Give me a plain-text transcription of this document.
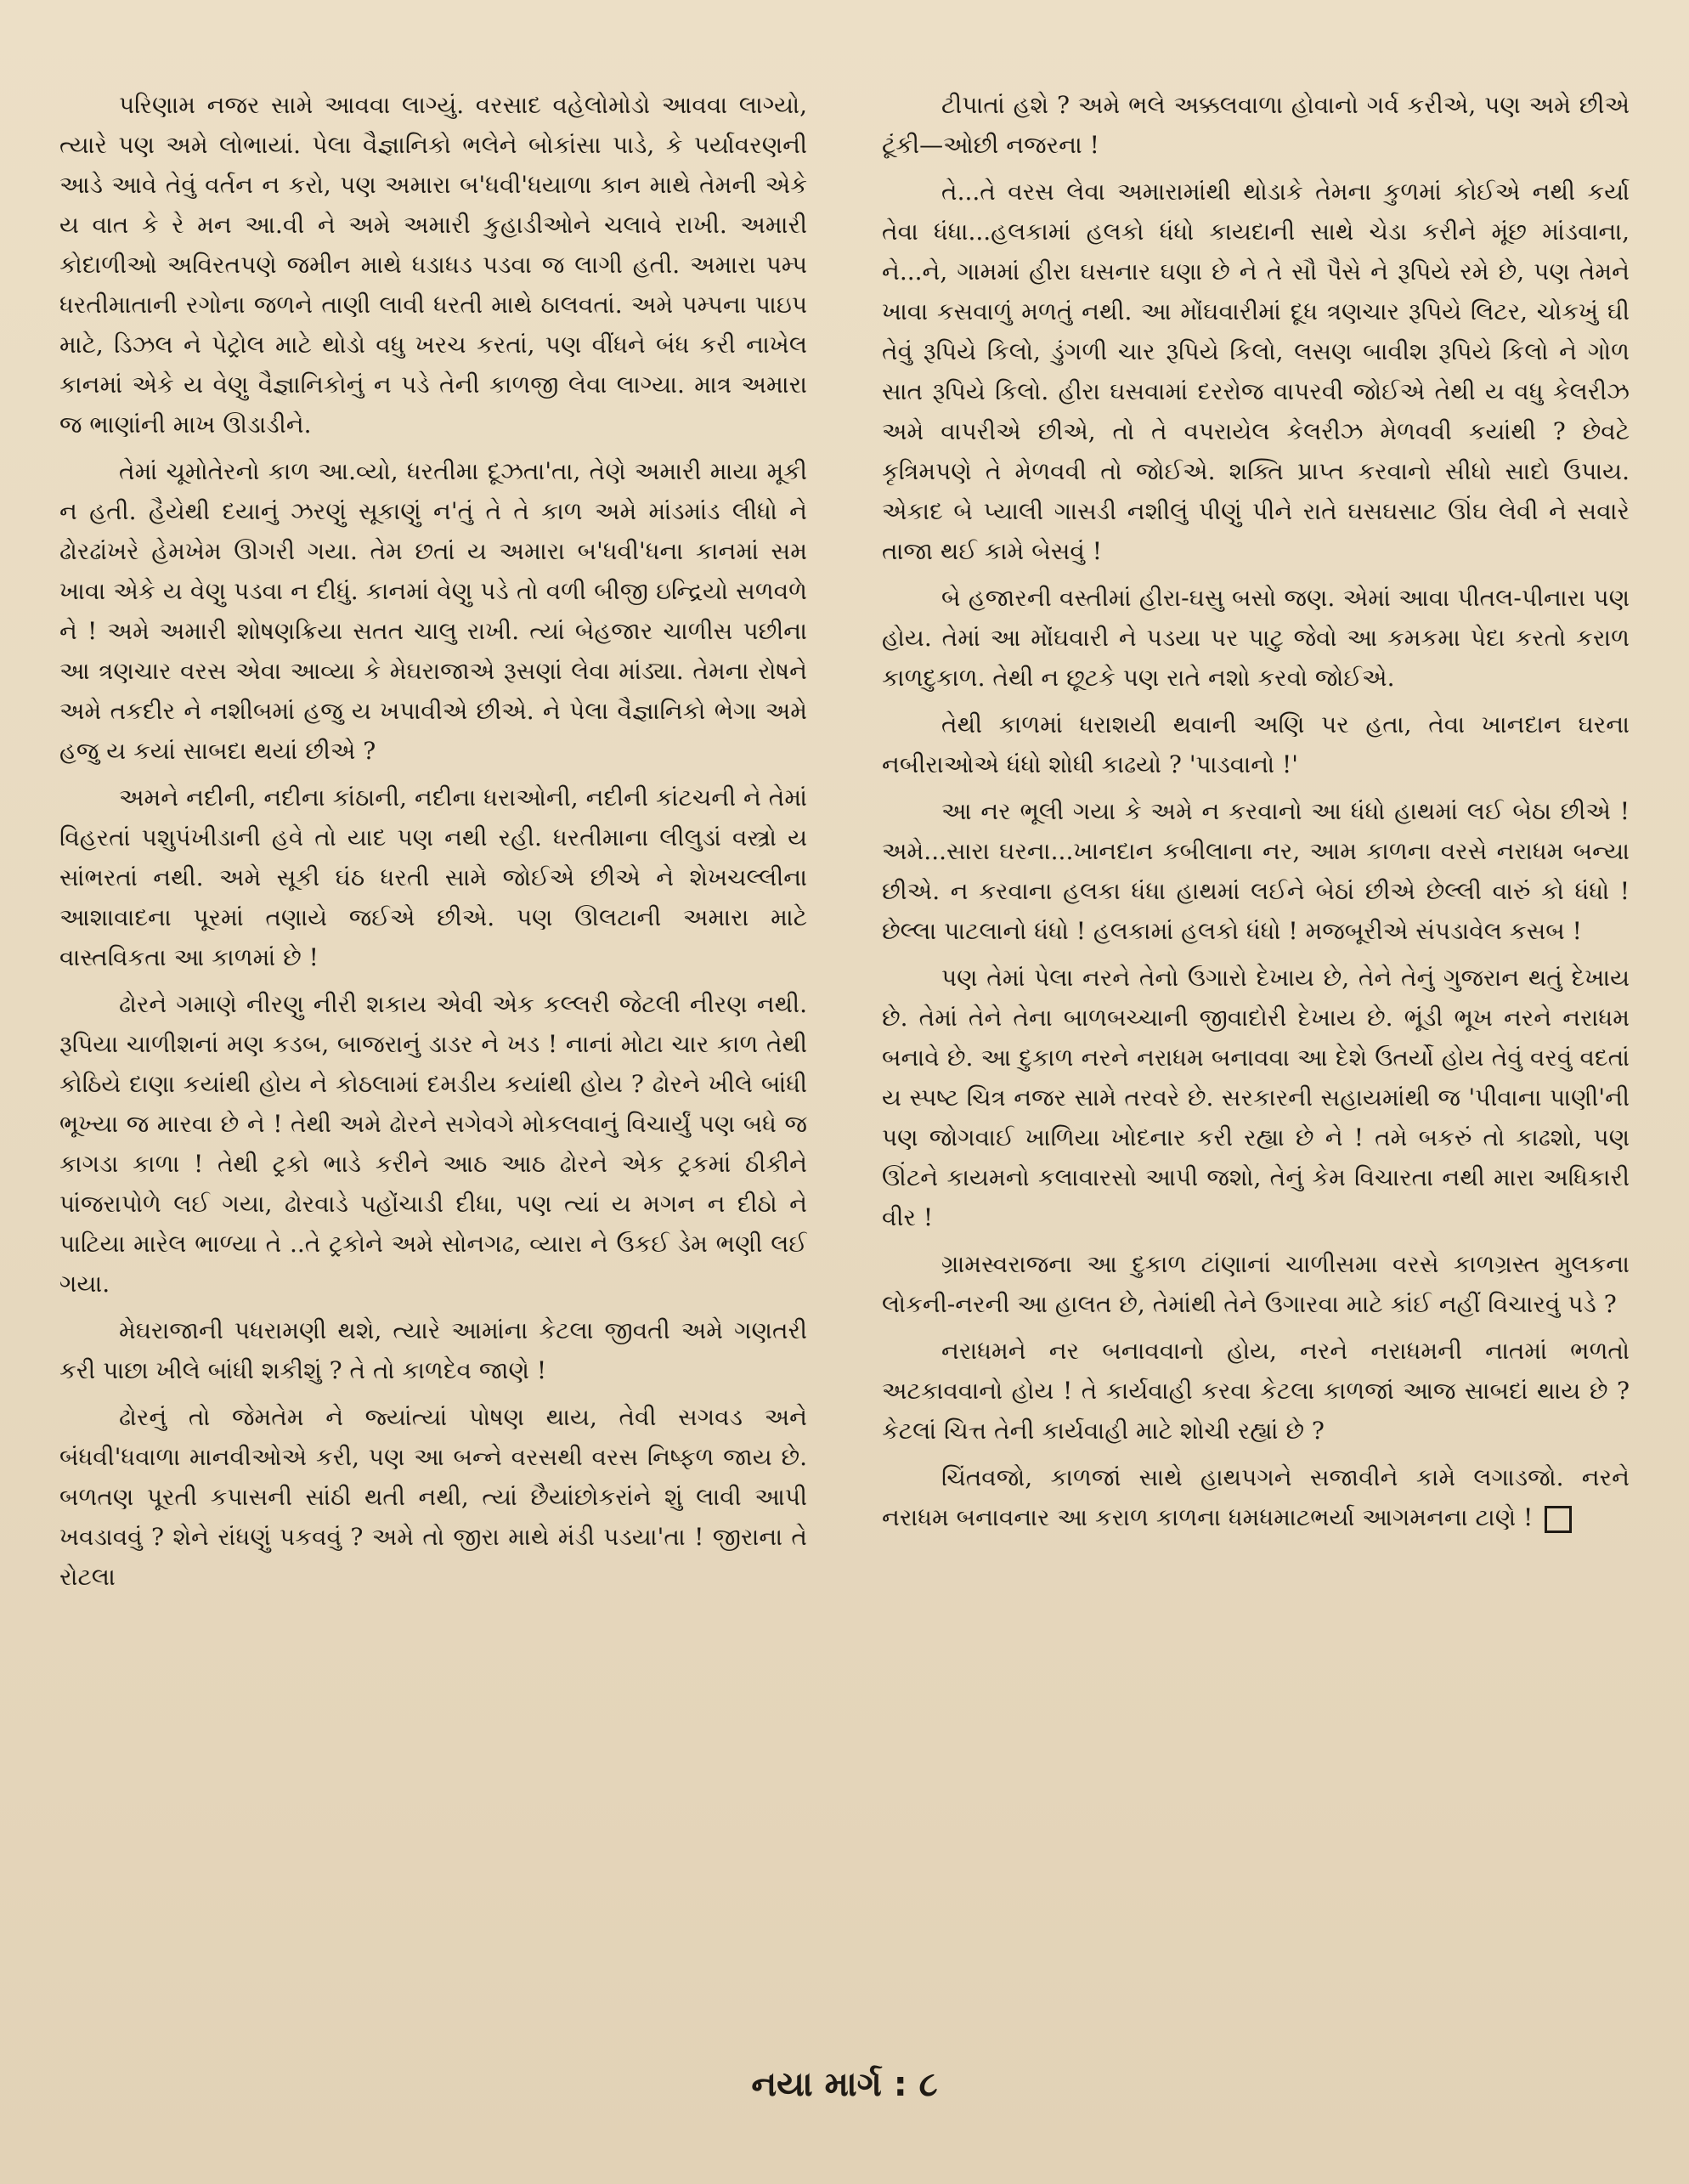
પરિણામ નજર સામે આવવા લાગ્યું. વરસાદ વહેલોમોડો આવવા લાગ્યો, ત્યારે પણ અમે લોભાયાં. પેલા વૈજ્ઞાનિકો ભલેને બોકાંસા પાડે, કે પર્યાવરણની આડે આવે તેવું વર્તન ન કરો, પણ અમારા બ'ધવી'ધયાળા કાન માથે તેમની એકે ય વાત કે રે મન આ.વી ને અમે અમારી કુહાડીઓને ચલાવે રાખી. અમારી કોદાળીઓ અવિરતપણે જમીન માથે ધડાધડ પડવા જ લાગી હતી. અમારા પમ્પ ધરતીમાતાની રગોના જળને તાણી લાવી ધરતી માથે ઠાલવતાં. અમે પમ્પના પાઇપ માટે, ડિઝલ ને પેટ્રોલ માટે થોડો વધુ ખરચ કરતાં, પણ વીંધને બંધ કરી નાખેલ કાનમાં એકે ય વેણુ વૈજ્ઞાનિકોનું ન પડે તેની કાળજી લેવા લાગ્યા. માત્ર અમારા જ ભાણાંની માખ ઊડાડીને.

તેમાં ચૂમોતેરનો કાળ આ.વ્યો, ધરતીમા દૂઝતા'તા, તેણે અમારી માયા મૂકી ન હતી. હૈયેથી દયાનું ઝરણું સૂકાણું ન'તું તે તે કાળ અમે માંડમાંડ લીધો ને ઢોરઢાંખરે હેમખેમ ઊગરી ગયા. તેમ છતાં ય અમારા બ'ધવી'ધના કાનમાં સમ ખાવા એકે ય વેણુ પડવા ન દીધું. કાનમાં વેણુ પડે તો વળી બીજી ઇન્દ્રિયો સળવળે ને ! અમે અમારી શોષણક્રિયા સતત ચાલુ રાખી. ત્યાં બેહજાર ચાળીસ પછીના આ ત્રણચાર વરસ એવા આવ્યા કે મેઘરાજાએ રૂસણાં લેવા માંડ્યા. તેમના રોષને અમે તકદીર ને નશીબમાં હજુ ય ખપાવીએ છીએ. ને પેલા વૈજ્ઞાનિકો ભેગા અમે હજુ ય કયાં સાબદા થયાં છીએ ?

અમને નદીની, નદીના કાંઠાની, નદીના ધરાઓની, નદીની કાંટચની ને તેમાં વિહરતાં પશુપંખીડાની હવે તો યાદ પણ નથી રહી. ધરતીમાના લીલુડાં વસ્ત્રો ય સાંભરતાં નથી. અમે સૂકી ઘંઠ ધરતી સામે જોઈએ છીએ ને શેખચલ્લીના આશાવાદના પૂરમાં તણાયે જઈએ છીએ. પણ ઊલટાની અમારા માટે વાસ્તવિકતા આ કાળમાં છે !

ઢોરને ગમાણે નીરણુ નીરી શકાય એવી એક કલ્લરી જેટલી નીરણ નથી. રૂપિયા ચાળીશનાં મણ કડબ, બાજરાનું ડાડર ને ખડ ! નાનાં મોટા ચાર કાળ તેથી કોઠિયે દાણા કયાંથી હોય ને કોઠલામાં દમડીય કયાંથી હોય ? ઢોરને ખીલે બાંધી ભૂખ્યા જ મારવા છે ને ! તેથી અમે ઢોરને સગેવગે મોકલવાનું વિચાર્યું પણ બધે જ કાગડા કાળા ! તેથી ટ્રકો ભાડે કરીને આઠ આઠ ઢોરને એક ટ્રકમાં ઠીકીને પાંજરાપોળે લઈ ગયા, ઢોરવાડે પહોંચાડી દીધા, પણ ત્યાં ય મગન ન દીઠો ને પાટિયા મારેલ ભાળ્યા તે ..તે ટ્રકોને અમે સોનગઢ, વ્યારા ને ઉકઈ ડેમ ભણી લઈ ગયા.

મેઘરાજાની પધરામણી થશે, ત્યારે આમાંના કેટલા જીવતી અમે ગણતરી કરી પાછા ખીલે બાંધી શકીશું ? તે તો કાળદેવ જાણે !

ઢોરનું તો જેમતેમ ને જ્યાંત્યાં પોષણ થાય, તેવી સગવડ અને બંધવી'ધવાળા માનવીઓએ કરી, પણ આ બન્ને વરસથી વરસ નિષ્ફળ જાય છે. બળતણ પૂરતી કપાસની સાંઠી થતી નથી, ત્યાં છૈયાંછોકરાંને શું લાવી આપી ખવડાવવું ? શેને રાંધણું પકવવું ? અમે તો જીરા માથે મંડી પડયા'તા ! જીરાના તે રોટલા

ટીપાતાં હશે ? અમે ભલે અક્કલવાળા હોવાનો ગર્વ કરીએ, પણ અમે છીએ ટૂંકી—ઓછી નજરના !

તે...તે વરસ લેવા અમારામાંથી થોડાકે તેમના કુળમાં કોઈએ નથી કર્યા તેવા ધંધા...હલકામાં હલકો ધંધો કાયદાની સાથે ચેડા કરીને મૂંછ માંડવાના, ને...ને, ગામમાં હીરા ઘસનાર ઘણા છે ને તે સૌ પૈસે ને રૂપિયે રમે છે, પણ તેમને ખાવા કસવાળું મળતું નથી. આ મોંઘવારીમાં દૂધ ત્રણચાર રૂપિયે લિટર, ચોકખું ઘી તેવું રૂપિયે કિલો, ડુંગળી ચાર રૂપિયે કિલો, લસણ બાવીશ રૂપિયે કિલો ને ગોળ સાત રૂપિયે કિલો. હીરા ઘસવામાં દરરોજ વાપરવી જોઈએ તેથી ય વધુ કેલરીઝ અમે વાપરીએ છીએ, તો તે વપરાયેલ કેલરીઝ મેળવવી કયાંથી ? છેવટે કૃત્રિમપણે તે મેળવવી તો જોઈએ. શક્તિ પ્રાપ્ત કરવાનો સીધો સાદો ઉપાય. એકાદ બે પ્યાલી ગાસડી નશીલું પીણું પીને રાતે ઘસઘસાટ ઊંઘ લેવી ને સવારે તાજા થઈ કામે બેસવું !

બે હજારની વસ્તીમાં હીરા-ઘસુ બસો જણ. એમાં આવા પીતલ-પીનારા પણ હોય. તેમાં આ મોંઘવારી ને પડયા પર પાટુ જેવો આ કમકમા પેદા કરતો કરાળ કાળદુકાળ. તેથી ન છૂટકે પણ રાતે નશો કરવો જોઈએ.

તેથી કાળમાં ધરાશયી થવાની અણિ પર હતા, તેવા ખાનદાન ઘરના નબીરાઓએ ધંધો શોધી કાઢયો ? 'પાડવાનો !'

આ નર ભૂલી ગયા કે અમે ન કરવાનો આ ધંધો હાથમાં લઈ બેઠા છીએ ! અમે...સારા ઘરના...ખાનદાન કબીલાના નર, આમ કાળના વરસે નરાધમ બન્યા છીએ. ન કરવાના હલકા ધંધા હાથમાં લઈને બેઠાં છીએ છેલ્લી વારું કો ધંધો ! છેલ્લા પાટલાનો ધંધો ! હલકામાં હલકો ધંધો ! મજબૂરીએ સંપડાવેલ કસબ !

પણ તેમાં પેલા નરને તેનો ઉગારો દેખાય છે, તેને તેનું ગુજરાન થતું દેખાય છે. તેમાં તેને તેના બાળબચ્ચાની જીવાદોરી દેખાય છે. ભૂંડી ભૂખ નરને નરાધમ બનાવે છે. આ દુકાળ નરને નરાધમ બનાવવા આ દેશે ઉતર્યો હોય તેવું વરવું વદતાં ય સ્પષ્ટ ચિત્ર નજર સામે તરવરે છે. સરકારની સહાયમાંથી જ 'પીવાના પાણી'ની પણ જોગવાઈ ખાળિયા ખોદનાર કરી રહ્યા છે ને ! તમે બકરું તો કાઢશો, પણ ઊંટને કાયમનો કલાવારસો આપી જશો, તેનું કેમ વિચારતા નથી મારા અધિકારી વીર !

ગ્રામસ્વરાજના આ દુકાળ ટાંણાનાં ચાળીસમા વરસે કાળગ્રસ્ત મુલકના લોકની-નરની આ હાલત છે, તેમાંથી તેને ઉગારવા માટે કાંઈ નહીં વિચારવું પડે ?

નરાધમને નર બનાવવાનો હોય, નરને નરાધમની નાતમાં ભળતો અટકાવવાનો હોય ! તે કાર્યવાહી કરવા કેટલા કાળજાં આજ સાબદાં થાય છે ? કેટલાં ચિત્ત તેની કાર્યવાહી માટે શોચી રહ્યાં છે ?

ચિંતવજો, કાળજાં સાથે હાથપગને સજાવીને કામે લગાડજો. નરને નરાધમ બનાવનાર આ કરાળ કાળના ધમધમાટભર્યા આગમનના ટાણે !

નયા માર્ગ : ૮
